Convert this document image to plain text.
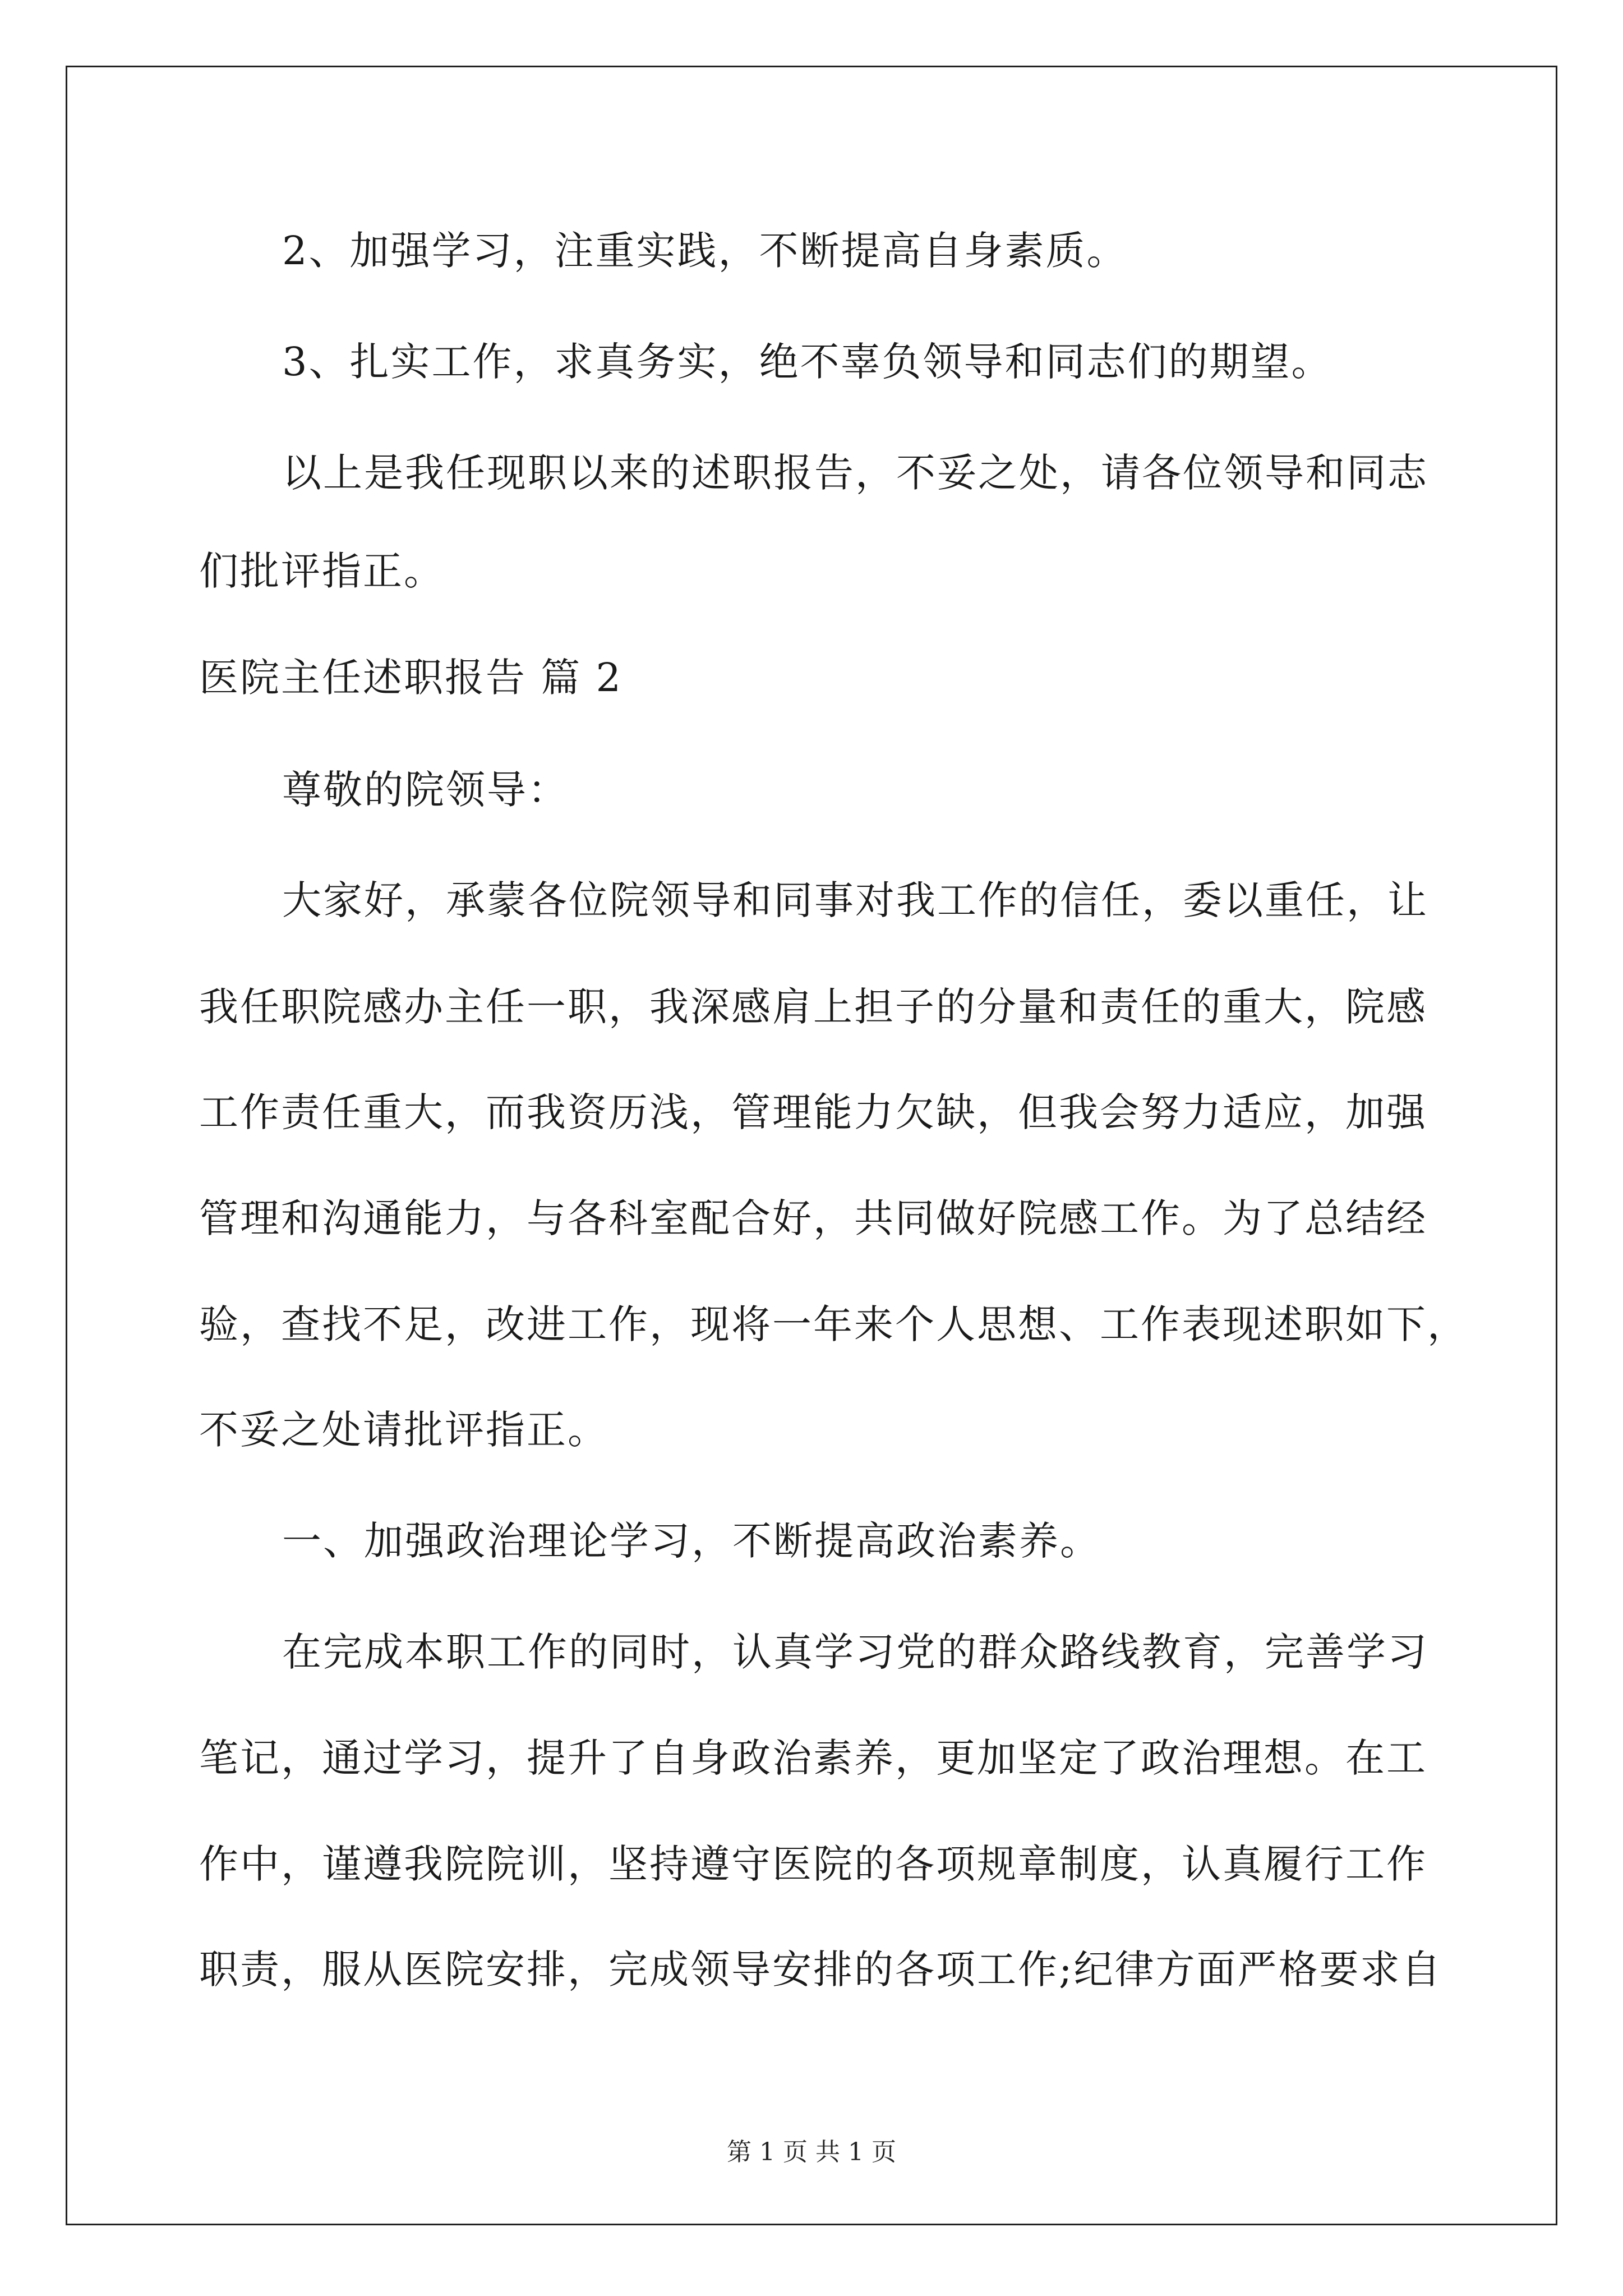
2、加强学习，注重实践，不断提高自身素质。
3、扎实工作，求真务实，绝不辜负领导和同志们的期望。
以上是我任现职以来的述职报告，不妥之处，请各位领导和同志
们批评指正。
医院主任述职报告 篇 2
尊敬的院领导：
大家好，承蒙各位院领导和同事对我工作的信任，委以重任，让
我任职院感办主任一职，我深感肩上担子的分量和责任的重大，院感
工作责任重大，而我资历浅，管理能力欠缺，但我会努力适应，加强
管理和沟通能力，与各科室配合好，共同做好院感工作。为了总结经
验，查找不足，改进工作，现将一年来个人思想、工作表现述职如下，
不妥之处请批评指正。
一、加强政治理论学习，不断提高政治素养。
在完成本职工作的同时，认真学习党的群众路线教育，完善学习
笔记，通过学习，提升了自身政治素养，更加坚定了政治理想。在工
作中，谨遵我院院训，坚持遵守医院的各项规章制度，认真履行工作
职责，服从医院安排，完成领导安排的各项工作;纪律方面严格要求自
第 1 页 共 1 页
